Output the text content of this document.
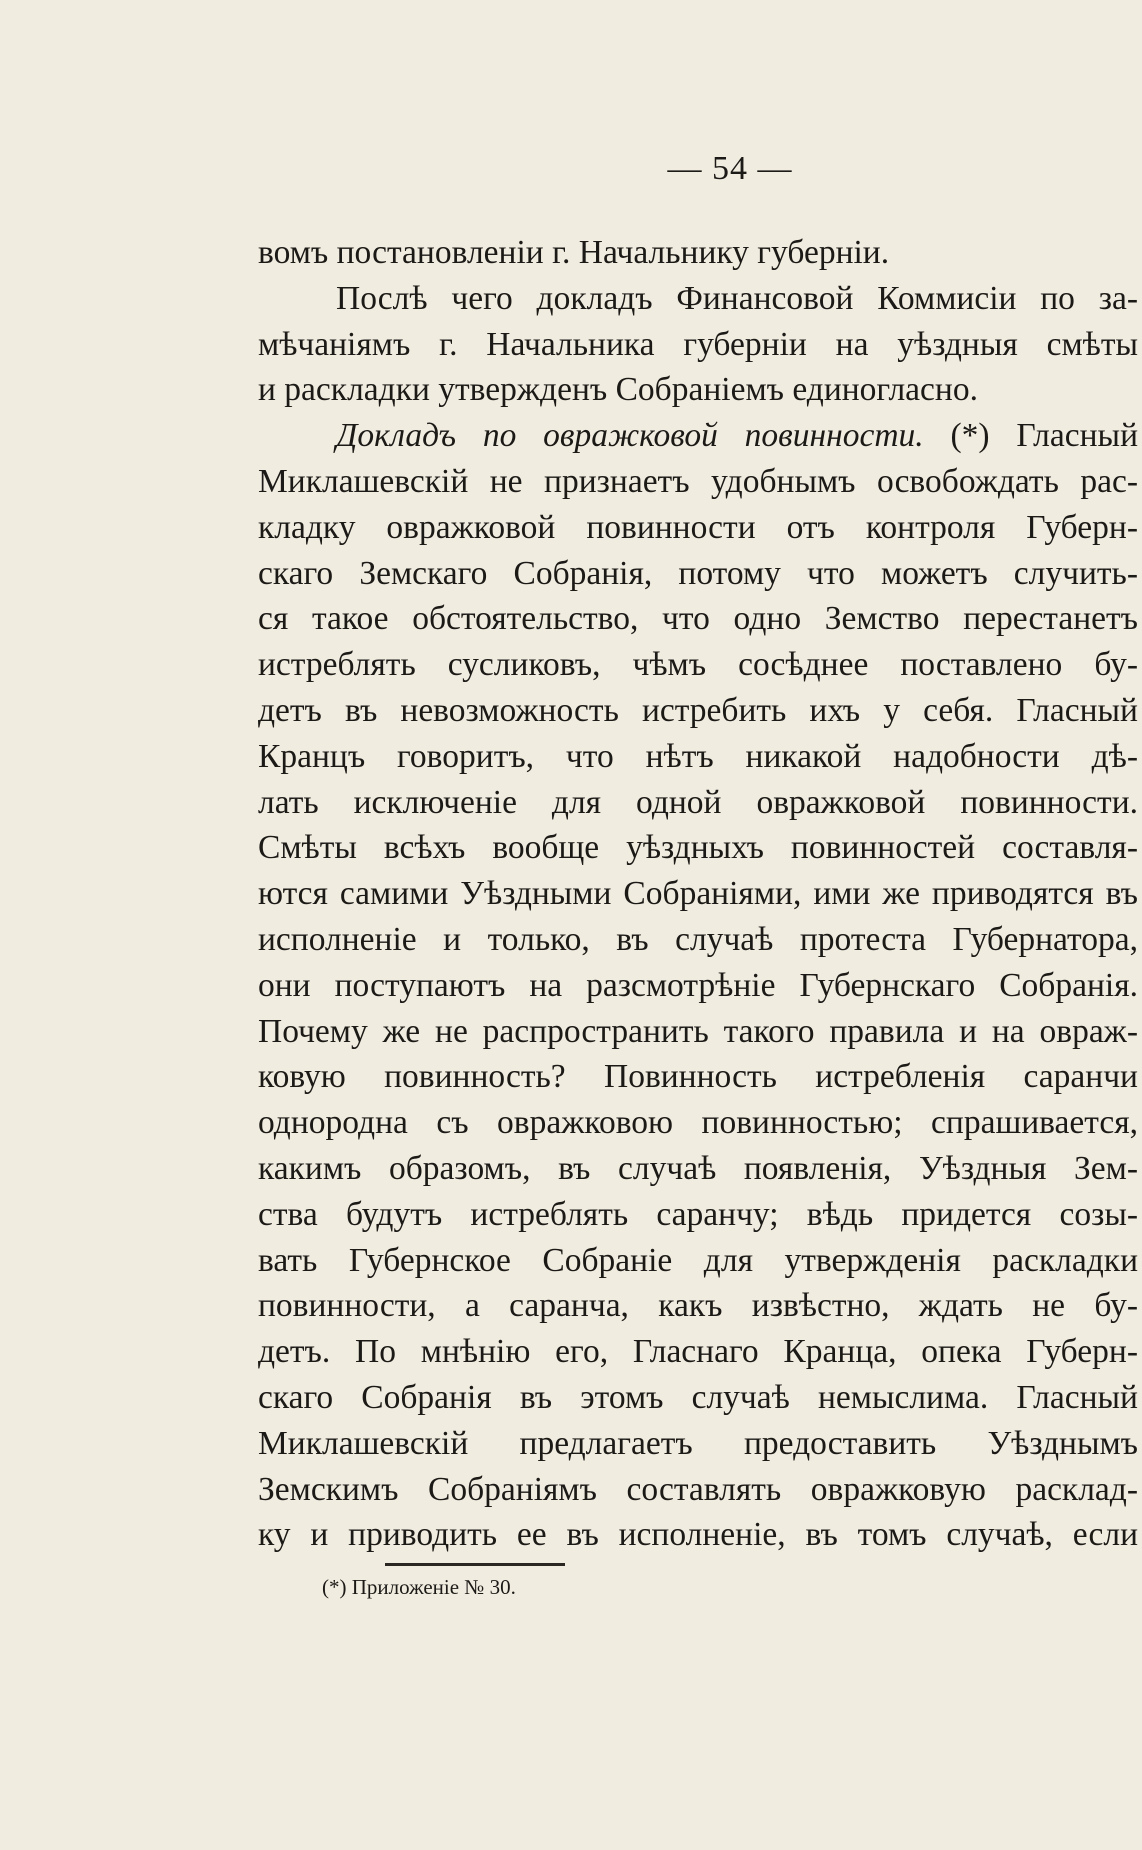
— 54 —
вомъ постановленіи г. Начальнику губерніи.
Послѣ чего докладъ Финансовой Коммисіи по за-
мѣчаніямъ г. Начальника губерніи на уѣздныя смѣты
и раскладки утвержденъ Собраніемъ единогласно.
Докладъ по овражковой повинности. (*) Гласный
Миклашевскій не признаетъ удобнымъ освобождать рас-
кладку овражковой повинности отъ контроля Губерн-
скаго Земскаго Собранія, потому что можетъ случить-
ся такое обстоятельство, что одно Земство перестанетъ
истреблять сусликовъ, чѣмъ сосѣднее поставлено бу-
детъ въ невозможность истребить ихъ у себя. Гласный
Кранцъ говоритъ, что нѣтъ никакой надобности дѣ-
лать исключеніе для одной овражковой повинности.
Смѣты всѣхъ вообще уѣздныхъ повинностей составля-
ются самими Уѣздными Собраніями, ими же приводятся въ
исполненіе и только, въ случаѣ протеста Губернатора,
они поступаютъ на разсмотрѣніе Губернскаго Собранія.
Почему же не распространить такого правила и на овраж-
ковую повинность? Повинность истребленія саранчи
однородна съ овражковою повинностью; спрашивается,
какимъ образомъ, въ случаѣ появленія, Уѣздныя Зем-
ства будутъ истреблять саранчу; вѣдь придется созы-
вать Губернское Собраніе для утвержденія раскладки
повинности, а саранча, какъ извѣстно, ждать не бу-
детъ. По мнѣнію его, Гласнаго Кранца, опека Губерн-
скаго Собранія въ этомъ случаѣ немыслима. Гласный
Миклашевскій предлагаетъ предоставить Уѣзднымъ
Земскимъ Собраніямъ составлять овражковую расклад-
ку и приводить ее въ исполненіе, въ томъ случаѣ, если
(*) Приложеніе № 30.
